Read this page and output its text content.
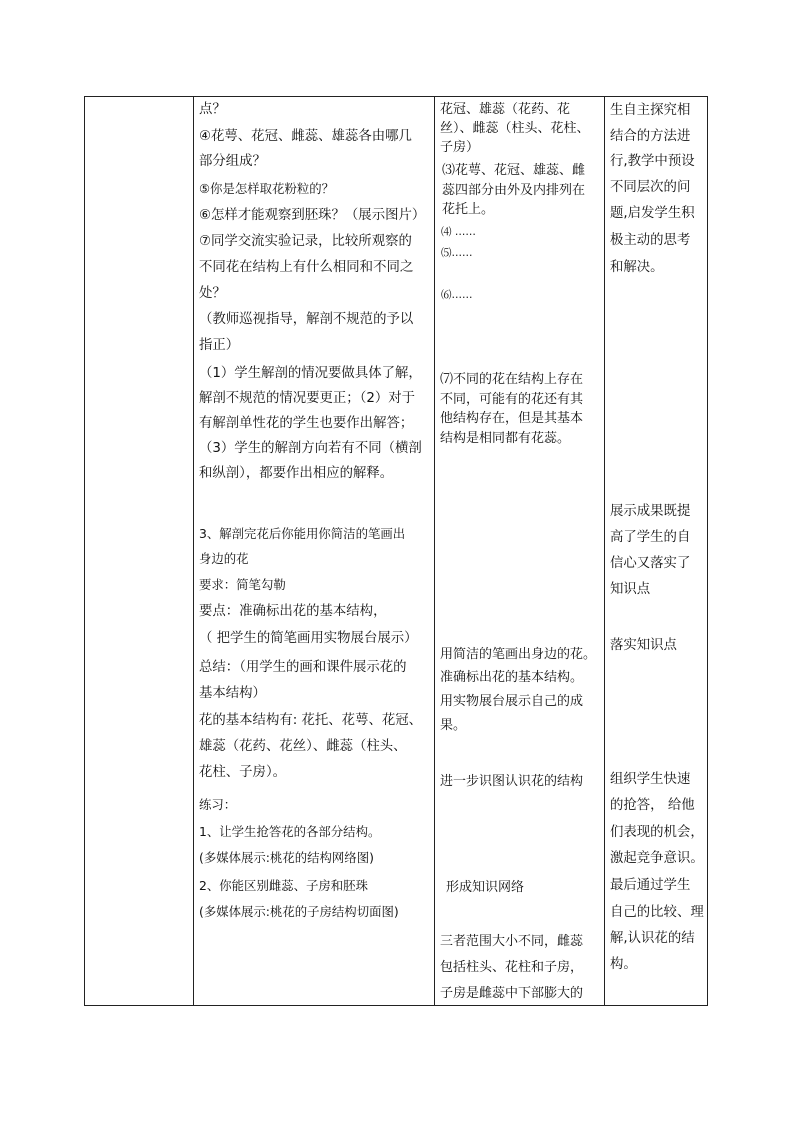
点？
④花萼、花冠、雌蕊、雄蕊各由哪几
部分组成？
⑤你是怎样取花粉粒的？
⑥怎样才能观察到胚珠？（展示图片）
⑦同学交流实验记录，比较所观察的
不同花在结构上有什么相同和不同之
处？
（教师巡视指导，解剖不规范的予以
指正）
（1）学生解剖的情况要做具体了解，
解剖不规范的情况要更正；（2）对于
有解剖单性花的学生也要作出解答；
（3）学生的解剖方向若有不同（横剖
和纵剖），都要作出相应的解释。
3、解剖完花后你能用你简洁的笔画出
身边的花
要求：简笔勾勒
要点：准确标出花的基本结构，
（ 把学生的简笔画用实物展台展示）
总结：（用学生的画和课件展示花的
基本结构）
花的基本结构有: 花托、花萼、花冠、
雄蕊（花药、花丝）、雌蕊（柱头、
花柱、子房）。
练习：
1、让学生抢答花的各部分结构。
(多媒体展示:桃花的结构网络图)
2、你能区别雌蕊、子房和胚珠
(多媒体展示:桃花的子房结构切面图)
花冠、雄蕊（花药、花
丝）、雌蕊（柱头、花柱、
子房）
⑶花萼、花冠、雄蕊、雌
蕊四部分由外及内排列在
花托上。
⑷ ……
⑸……
⑹……
⑺不同的花在结构上存在
不同，可能有的花还有其
他结构存在，但是其基本
结构是相同都有花蕊。
用简洁的笔画出身边的花。
准确标出花的基本结构。
用实物展台展示自己的成
果。
进一步识图认识花的结构
形成知识网络
三者范围大小不同，雌蕊
包括柱头、花柱和子房，
子房是雌蕊中下部膨大的
生自主探究相
结合的方法进
行,教学中预设
不同层次的问
题,启发学生积
极主动的思考
和解决。
展示成果既提
高了学生的自
信心又落实了
知识点
落实知识点
组织学生快速
的抢答， 给他
们表现的机会，
激起竞争意识。
最后通过学生
自己的比较、理
解,认识花的结
构。
